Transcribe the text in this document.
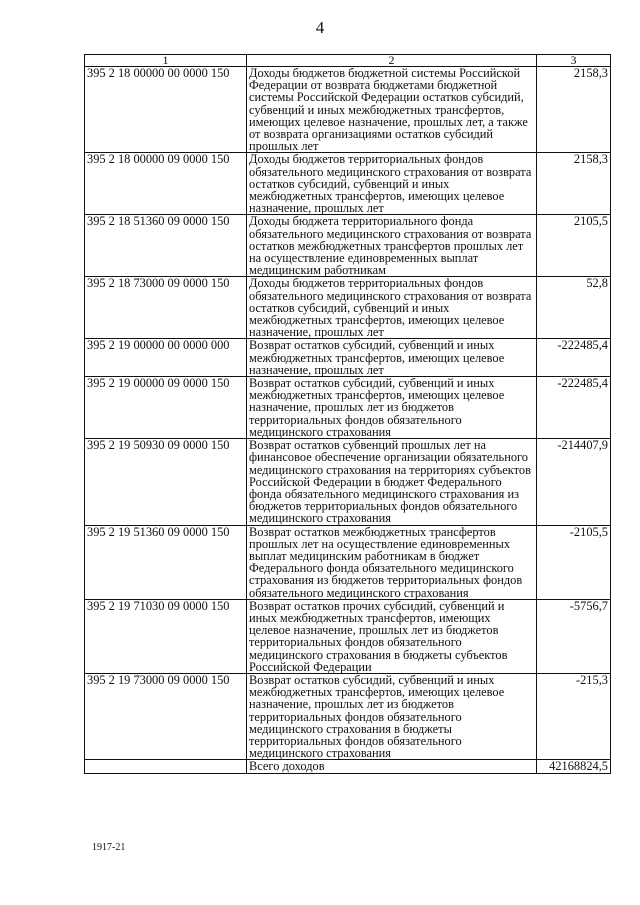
4
1	2	3
395 2 18 00000 00 0000 150	Доходы бюджетов бюджетной системы Российской Федерации от возврата бюджетами бюджетной системы Российской Федерации остатков субсидий, субвенций и иных межбюджетных трансфертов, имеющих целевое назначение, прошлых лет, а также от возврата организациями остатков субсидий прошлых лет	2158,3
395 2 18 00000 09 0000 150	Доходы бюджетов территориальных фондов обязательного медицинского страхования от возврата остатков субсидий, субвенций и иных межбюджетных трансфертов, имеющих целевое назначение, прошлых лет	2158,3
395 2 18 51360 09 0000 150	Доходы бюджета территориального фонда обязательного медицинского страхования от возврата остатков межбюджетных трансфертов прошлых лет на осуществление единовременных выплат медицинским работникам	2105,5
395 2 18 73000 09 0000 150	Доходы бюджетов территориальных фондов обязательного медицинского страхования от возврата остатков субсидий, субвенций и иных межбюджетных трансфертов, имеющих целевое назначение, прошлых лет	52,8
395 2 19 00000 00 0000 000	Возврат остатков субсидий, субвенций и иных межбюджетных трансфертов, имеющих целевое назначение, прошлых лет	-222485,4
395 2 19 00000 09 0000 150	Возврат остатков субсидий, субвенций и иных межбюджетных трансфертов, имеющих целевое назначение, прошлых лет из бюджетов территориальных фондов обязательного медицинского страхования	-222485,4
395 2 19 50930 09 0000 150	Возврат остатков субвенций прошлых лет на финансовое обеспечение организации обязательного медицинского страхования на территориях субъектов Российской Федерации в бюджет Федерального фонда обязательного медицинского страхования из бюджетов территориальных фондов обязательного медицинского страхования	-214407,9
395 2 19 51360 09 0000 150	Возврат остатков межбюджетных трансфертов прошлых лет на осуществление единовременных выплат медицинским работникам в бюджет Федерального фонда обязательного медицинского страхования из бюджетов территориальных фондов обязательного медицинского страхования	-2105,5
395 2 19 71030 09 0000 150	Возврат остатков прочих субсидий, субвенций и иных межбюджетных трансфертов, имеющих целевое назначение, прошлых лет из бюджетов территориальных фондов обязательного медицинского страхования в бюджеты субъектов Российской Федерации	-5756,7
395 2 19 73000 09 0000 150	Возврат остатков субсидий, субвенций и иных межбюджетных трансфертов, имеющих целевое назначение, прошлых лет из бюджетов территориальных фондов обязательного медицинского страхования в бюджеты территориальных фондов обязательного медицинского страхования	-215,3
	Всего доходов	42168824,5
1917-21
